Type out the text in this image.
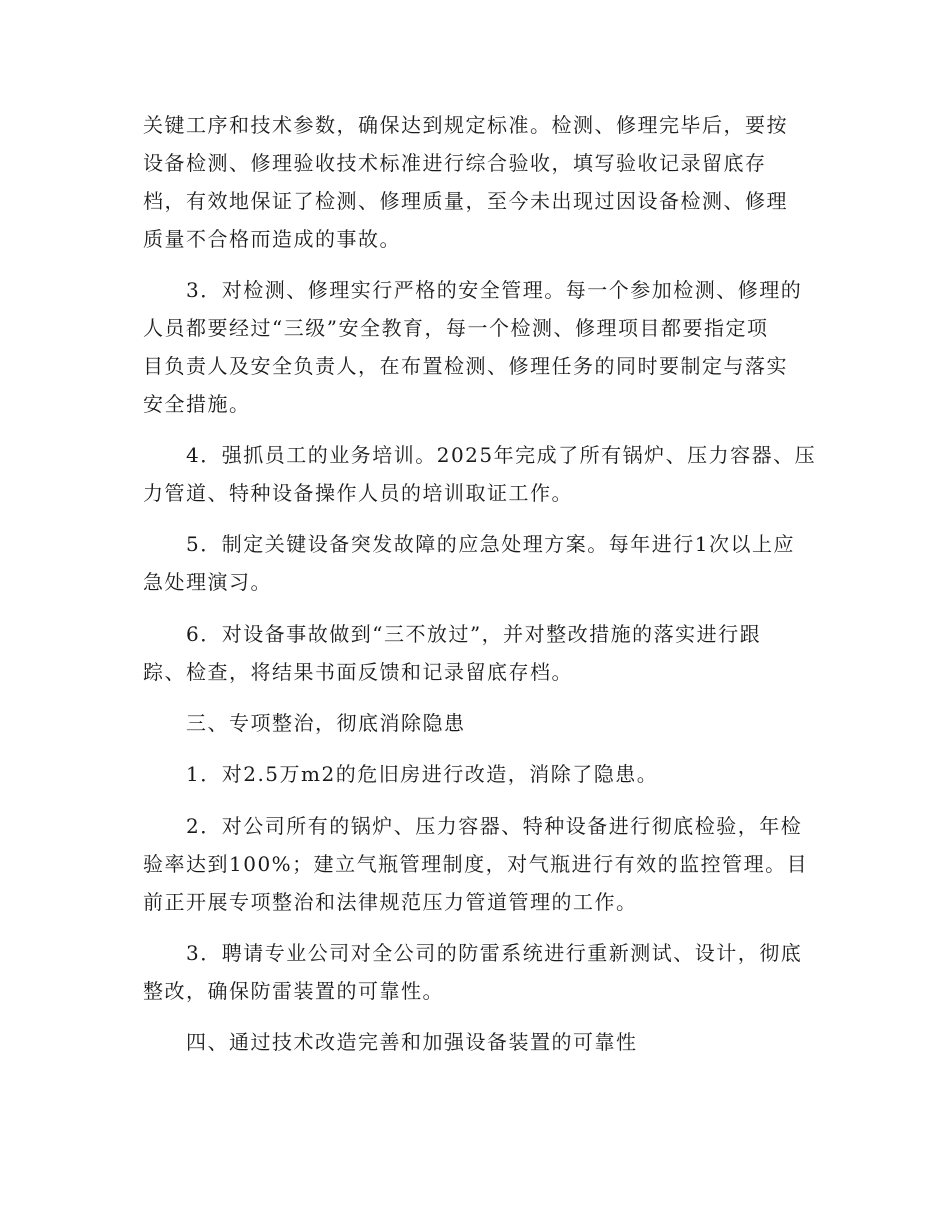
关键工序和技术参数，确保达到规定标准。检测、修理完毕后，要按
设备检测、修理验收技术标准进行综合验收，填写验收记录留底存
档，有效地保证了检测、修理质量，至今未出现过因设备检测、修理
质量不合格而造成的事故。
3．对检测、修理实行严格的安全管理。每一个参加检测、修理的
人员都要经过“三级”安全教育，每一个检测、修理项目都要指定项
目负责人及安全负责人，在布置检测、修理任务的同时要制定与落实
安全措施。
4．强抓员工的业务培训。2025年完成了所有锅炉、压力容器、压
力管道、特种设备操作人员的培训取证工作。
5．制定关键设备突发故障的应急处理方案。每年进行1次以上应
急处理演习。
6．对设备事故做到“三不放过”，并对整改措施的落实进行跟
踪、检查，将结果书面反馈和记录留底存档。
三、专项整治，彻底消除隐患
1．对2.5万m2的危旧房进行改造，消除了隐患。
2．对公司所有的锅炉、压力容器、特种设备进行彻底检验，年检
验率达到100%；建立气瓶管理制度，对气瓶进行有效的监控管理。目
前正开展专项整治和法律规范压力管道管理的工作。
3．聘请专业公司对全公司的防雷系统进行重新测试、设计，彻底
整改，确保防雷装置的可靠性。
四、通过技术改造完善和加强设备装置的可靠性
